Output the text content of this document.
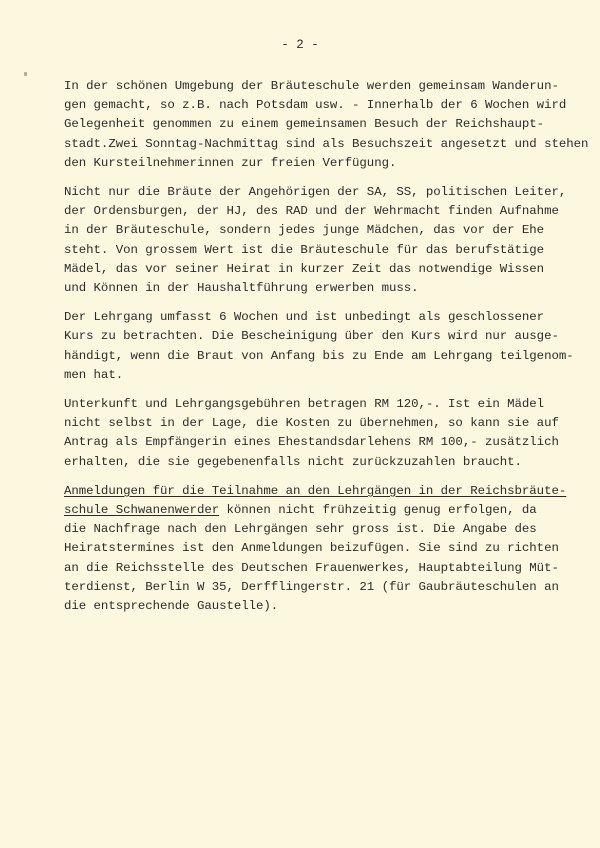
- 2 -
In der schönen Umgebung der Bräuteschule werden gemeinsam Wanderun-
gen gemacht, so z.B. nach Potsdam usw. - Innerhalb der 6 Wochen wird
Gelegenheit genommen zu einem gemeinsamen Besuch der Reichshaupt-
stadt.Zwei Sonntag-Nachmittag sind als Besuchszeit angesetzt und stehen
den Kursteilnehmerinnen zur freien Verfügung.
Nicht nur die Bräute der Angehörigen der SA, SS, politischen Leiter,
der Ordensburgen, der HJ, des RAD und der Wehrmacht finden Aufnahme
in der Bräuteschule, sondern jedes junge Mädchen, das vor der Ehe
steht. Von grossem Wert ist die Bräuteschule für das berufstätige
Mädel, das vor seiner Heirat in kurzer Zeit das notwendige Wissen
und Können in der Haushaltführung erwerben muss.
Der Lehrgang umfasst 6 Wochen und ist unbedingt als geschlossener
Kurs zu betrachten. Die Bescheinigung über den Kurs wird nur ausge-
händigt, wenn die Braut von Anfang bis zu Ende am Lehrgang teilgenom-
men hat.
Unterkunft und Lehrgangsgebühren betragen RM 120,-. Ist ein Mädel
nicht selbst in der Lage, die Kosten zu übernehmen, so kann sie auf
Antrag als Empfängerin eines Ehestandsdarlehens RM 100,- zusätzlich
erhalten, die sie gegebenenfalls nicht zurückzuzahlen braucht.
Anmeldungen für die Teilnahme an den Lehrgängen in der Reichsbräute-
schule Schwanenwerder können nicht frühzeitig genug erfolgen, da
die Nachfrage nach den Lehrgängen sehr gross ist. Die Angabe des
Heiratstermines ist den Anmeldungen beizufügen. Sie sind zu richten
an die Reichsstelle des Deutschen Frauenwerkes, Hauptabteilung Müt-
terdienst, Berlin W 35, Derfflingerstr. 21 (für Gaubräuteschulen an
die entsprechende Gaustelle).
